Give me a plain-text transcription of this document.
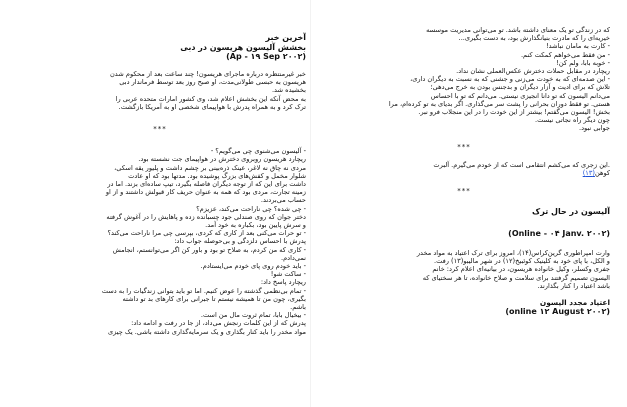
که در زندگی تو یک معنای داشته باشد. تو می‌توانی مدیریت موسسه

خیریه‌ای را که مادرت بنیانگذارش بود، به دست بگیری...

- کارت به مامان نباشد!

- من فقط می‌خواهم کمکت کنم.

- خوبه بابا، ولم کن!

ریچارد در مقابل حملات دخترش عکس‌العملی نشان نداد.

- این صدمه‌ای که به خودت می‌زنی و جشنی که به نسبت به دیگران داری،

تلاش که برای ادیت و آزار دیگران و بدجنس بودن به خرج می‌دهی؛

می‌دانم الیسون که تو دانا انجیزی نیستی. می‌دانم که تو با احساس

هستی. تو فقط دوران بحرانی را پشت سر می‌گذاری. اگر بدیای به تو کرده‌ام، مرا

بخش! الیسون می‌گفتم! بیشتر از این خودت را در این منجلاب فرو نبر.

چون دیگر راه نجاتی نیست.

جوابی نبود.

***

.این زجری که می‌کشم انتقامی است که از خودم می‌گیرم. آلبرت

کوهن(۱۳)

***
آلیسون در حال ترک
(Online - ۰۴ Janv. ۲۰۰۲)

وارت امپراطوری گرین‌کراس(۱۴)، امروز برای ترک اعتیاد به مواد مخدر

و الکل، با پای خود به کلینیک کوئبیخ(۱۲) در شهر مالیبو(۱۳) رفت.

جفری وکسلر، وکیل خانواده هریسون، در بیانیه‌ای اعلام کرد: خانم

الیسون تصمیم گرفتند برای سلامت و صلاح خانواده، تا هر سختیای که

باشد اعتیاد را کنار بگذارند.

اعتیاد مجدد الیسون
(online ۱۲ August ۲۰۰۲)
آخرین خبر
بخشش آلیسون هریسون در دبی
(Ap - ۱۹ Sep ۲۰۰۲)

خبر غیرمنتظره درباره ماجرای هریسون! چند ساعت بعد از محکوم شدن

هریسون به حبسی طولانی‌مدت، او صبح روز بعد توسط فرماندار دبی

بخشیده شد.

به محض آنکه این بخشش اعلام شد، وی کشور امارات متحده عربی را

ترک کرد و به همراه پدرش با هواپیمای شخصی او به آمریکا بازگشت.

***

- آلیسون می‌شنوی چی می‌گویم؟ -

ریچارد هریسون روبروی دخترش در هواپیمای جت نشسته بود.

مردی نه چاق نه لاغر، عینک ذره‌بینی بر چشم داشت و پلیور یقه اسکی،

شلوار مخمل و کفش‌های بزرگ پوشیده بود. مدتها بود که او عادت

داشت برای این که از توجه دیگران فاصله بگیرد، تیپ ساده‌ای بزند. اما در

زمینه تجارت، مردی بود که همه به عنوان حریف کار قبولش داشتند و از او

حساب می‌بردند.

- چی شده؟ چی ناراحت می‌کند، عزیزم؟

دختر جوان که روی صندلی جود چسبانده زده و پاهایش را در آغوش گرفته

و سرش پایین بود، بکباره به خود آمد.

- تو حرات می‌کنی بعد از کاری که کردی، بپرسی چی مرا ناراحت می‌کند؟

پدرش با احساس دلزدگی و بی‌حوصله جواب داد:

- کاری که من کردم، به صلاح تو بود و باور کن اگر می‌توانستم، انجامش

نمی‌دادم.

- باید خودم روی پای خودم می‌ایستادم.

- ساکت شو!

ریچارد پاسخ داد:

- تمام بی‌نظمی گذشته را عوض کنیم. اما تو باید بتوانی زندگیات را به دست

بگیری، چون من تا همیشه نیستم تا جبرانی برای کارهای بد تو داشته

باشم.

- بیخیال بابا، تمام ثروت مال من است.

پدرش که از این کلمات رنجش می‌داد، از جا در رفت و ادامه داد:

مواد مخدر را باید کنار بگذاری و یک سرمایه‌گذاری داشته باشی. یک چیزی
